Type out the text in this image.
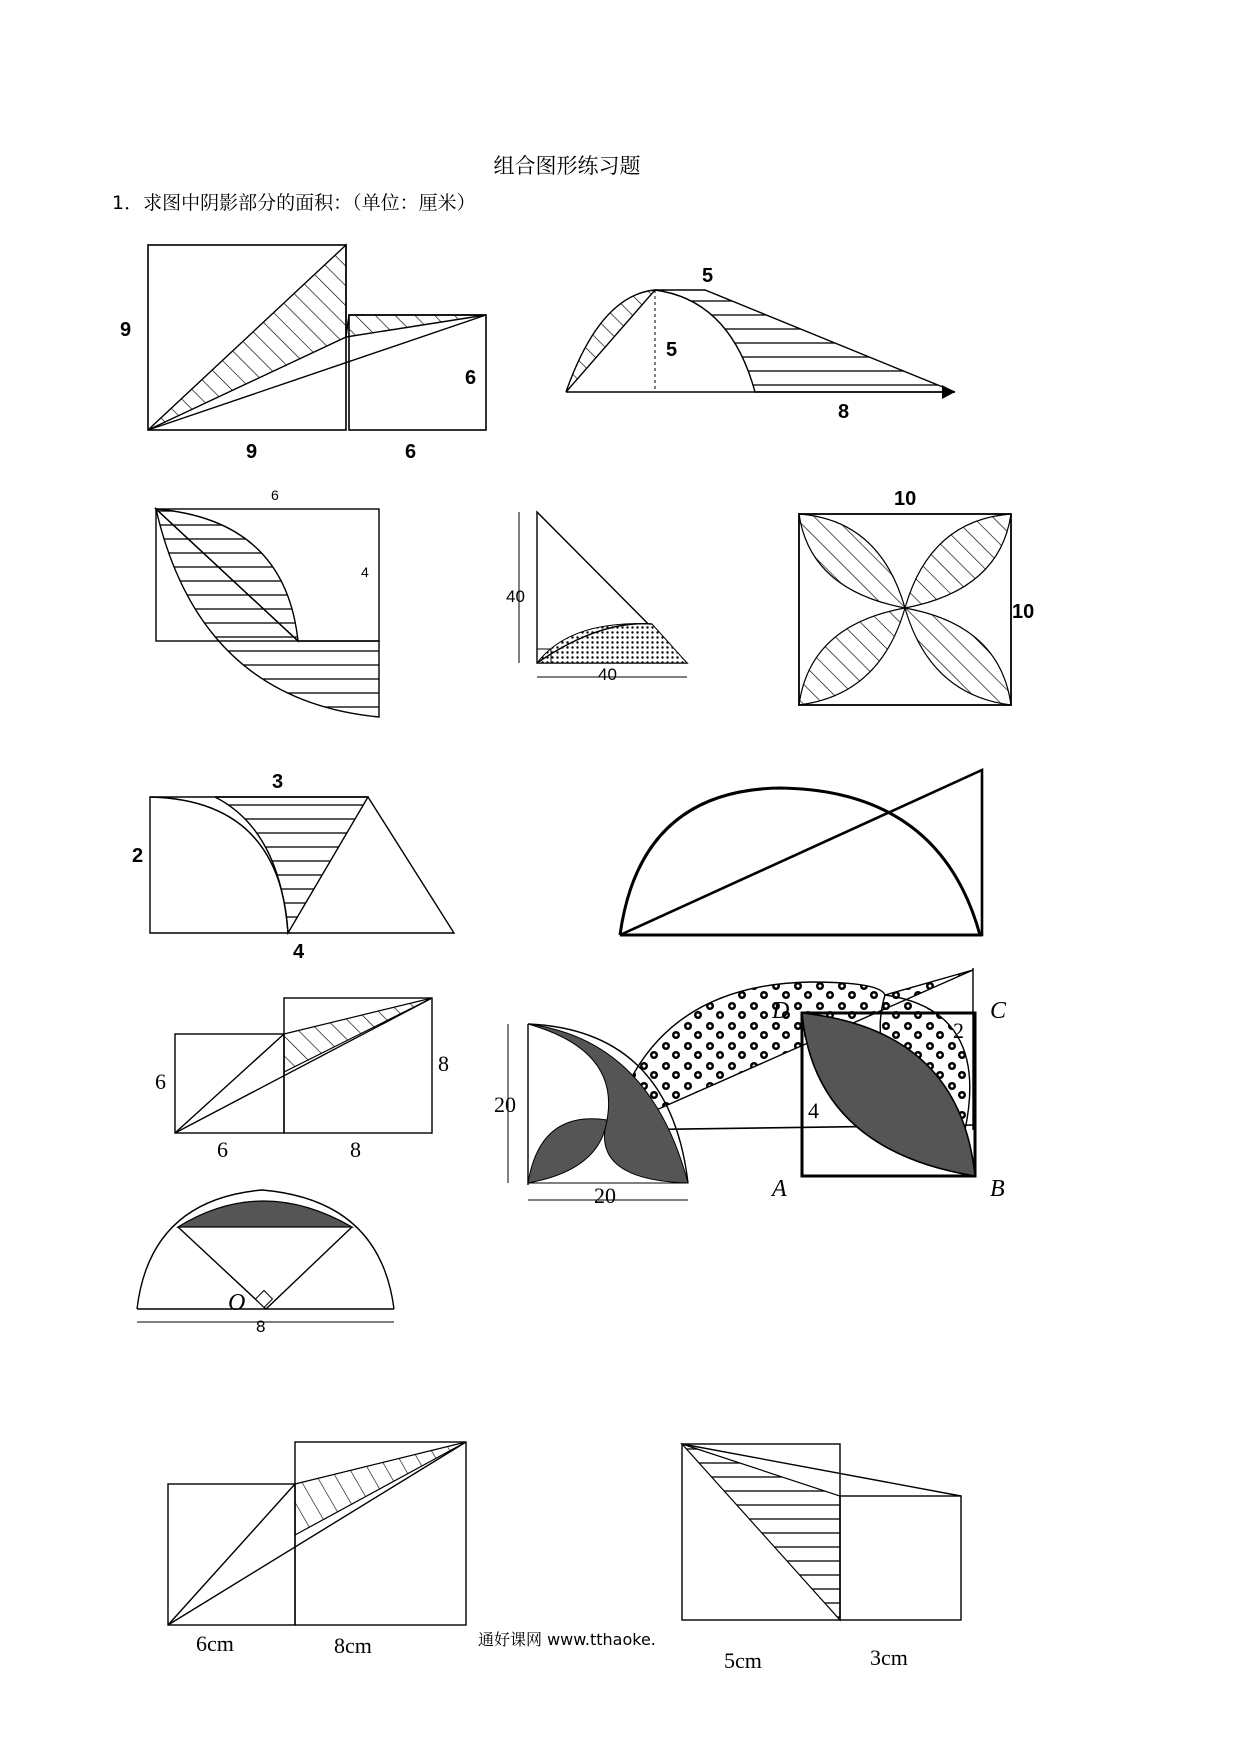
组合图形练习题
1．求图中阴影部分的面积：（单位：厘米）
9
9
6
6
5
5
8
6
4
40
40
10
10
3
2
4
6
6	8
8
2
4
O
8
20
20
D	C
A	B
6cm	8cm
5cm	3cm
通好课网 www.tthaoke.
